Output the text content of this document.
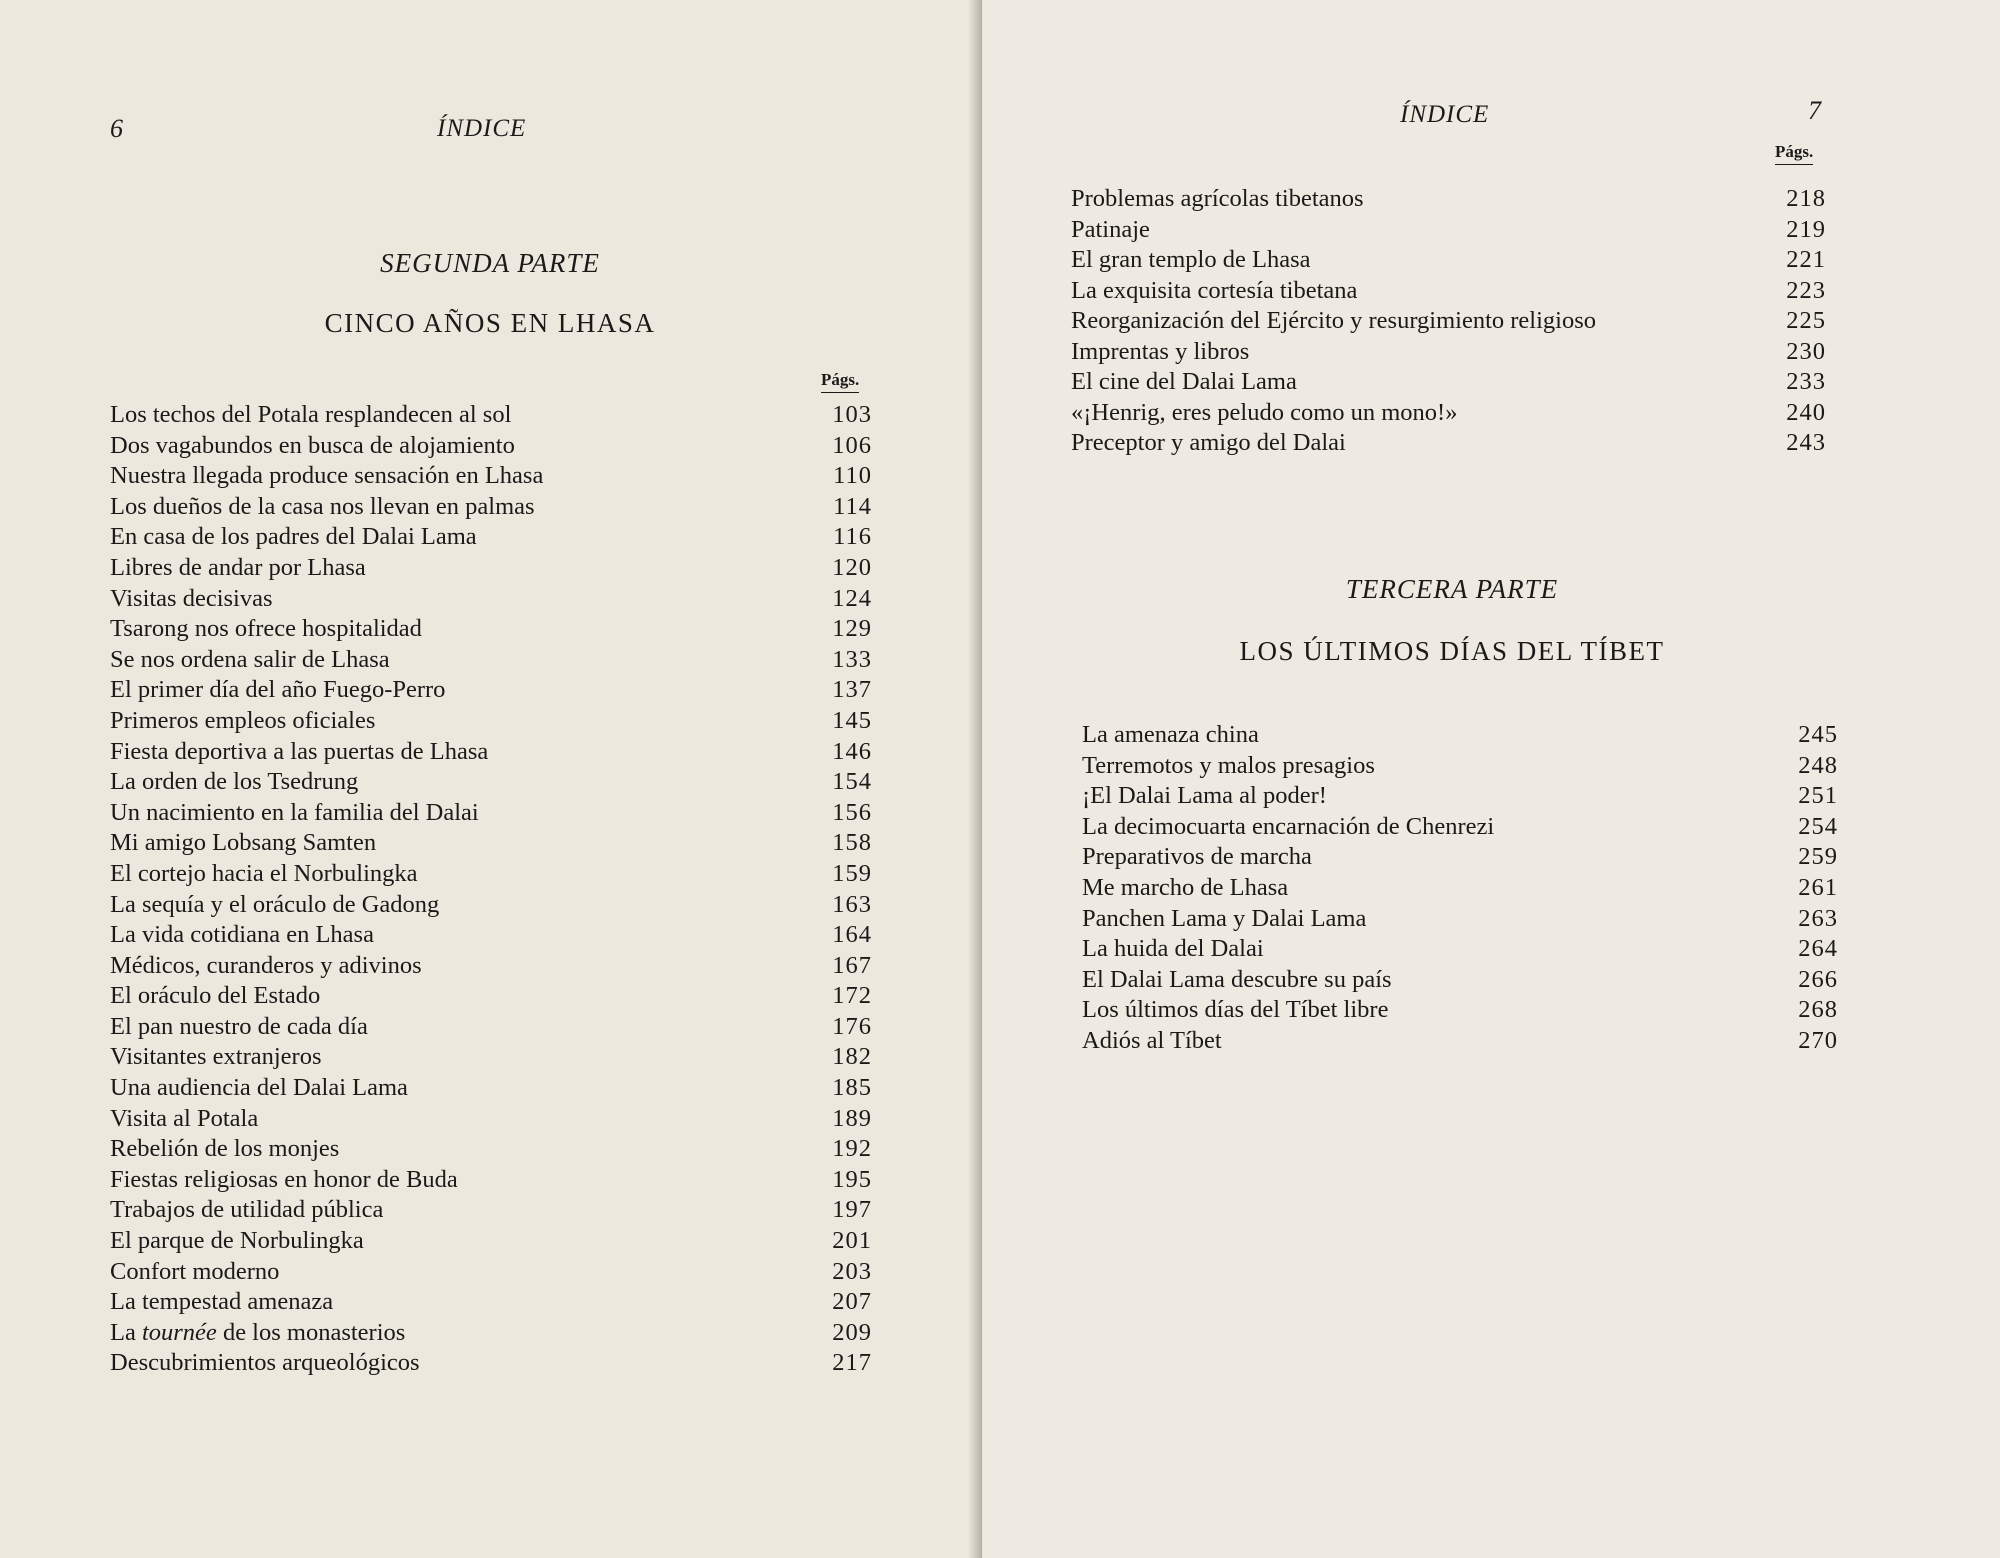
6	ÍNDICE
SEGUNDA PARTE
CINCO AÑOS EN LHASA
Págs.
Los techos del Potala resplandecen al sol	103
Dos vagabundos en busca de alojamiento	106
Nuestra llegada produce sensación en Lhasa	110
Los dueños de la casa nos llevan en palmas	114
En casa de los padres del Dalai Lama	116
Libres de andar por Lhasa	120
Visitas decisivas	124
Tsarong nos ofrece hospitalidad	129
Se nos ordena salir de Lhasa	133
El primer día del año Fuego-Perro	137
Primeros empleos oficiales	145
Fiesta deportiva a las puertas de Lhasa	146
La orden de los Tsedrung	154
Un nacimiento en la familia del Dalai	156
Mi amigo Lobsang Samten	158
El cortejo hacia el Norbulingka	159
La sequía y el oráculo de Gadong	163
La vida cotidiana en Lhasa	164
Médicos, curanderos y adivinos	167
El oráculo del Estado	172
El pan nuestro de cada día	176
Visitantes extranjeros	182
Una audiencia del Dalai Lama	185
Visita al Potala	189
Rebelión de los monjes	192
Fiestas religiosas en honor de Buda	195
Trabajos de utilidad pública	197
El parque de Norbulingka	201
Confort moderno	203
La tempestad amenaza	207
La tournée de los monasterios	209
Descubrimientos arqueológicos	217
ÍNDICE	7
Págs.
Problemas agrícolas tibetanos	218
Patinaje	219
El gran templo de Lhasa	221
La exquisita cortesía tibetana	223
Reorganización del Ejército y resurgimiento religioso	225
Imprentas y libros	230
El cine del Dalai Lama	233
«¡Henrig, eres peludo como un mono!»	240
Preceptor y amigo del Dalai	243
TERCERA PARTE
LOS ÚLTIMOS DÍAS DEL TÍBET
La amenaza china	245
Terremotos y malos presagios	248
¡El Dalai Lama al poder!	251
La decimocuarta encarnación de Chenrezi	254
Preparativos de marcha	259
Me marcho de Lhasa	261
Panchen Lama y Dalai Lama	263
La huida del Dalai	264
El Dalai Lama descubre su país	266
Los últimos días del Tíbet libre	268
Adiós al Tíbet	270
